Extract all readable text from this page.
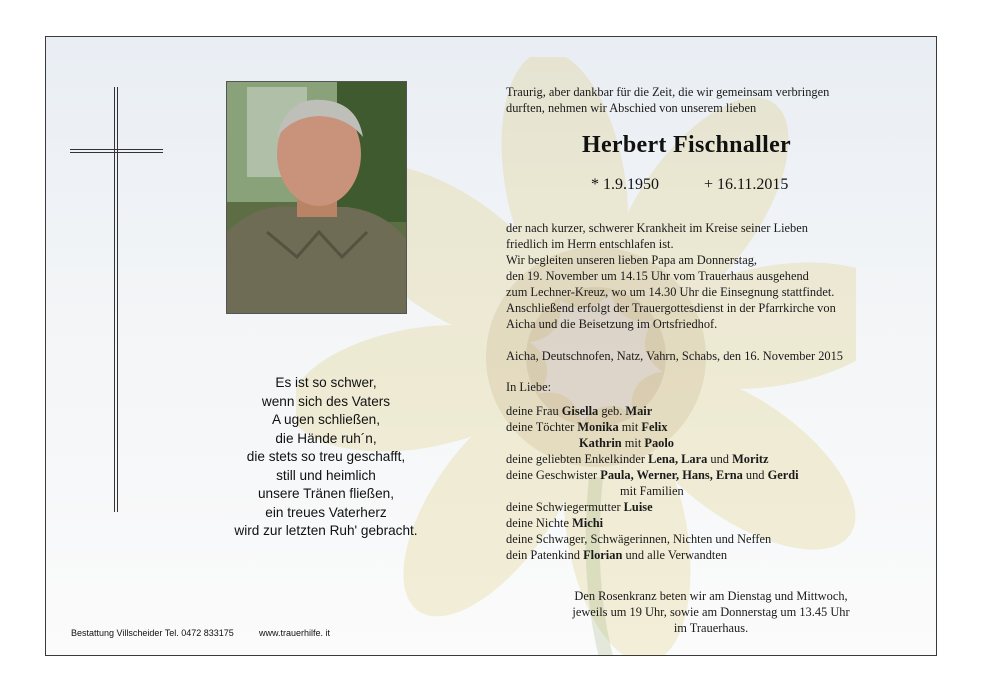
Es ist so schwer,
wenn sich des Vaters
A ugen schließen,
die Hände ruh´n,
die stets so treu geschafft,
still und heimlich
unsere Tränen fließen,
ein treues Vaterherz
wird zur letzten Ruh' gebracht.
Bestattung Villscheider Tel. 0472 833175	www.trauerhilfe. it
Traurig, aber dankbar für die Zeit, die wir gemeinsam verbringen
durften, nehmen wir Abschied von unserem lieben
Herbert Fischnaller
* 1.9.1950	+ 16.11.2015
der nach kurzer, schwerer Krankheit im Kreise seiner Lieben
friedlich im Herrn entschlafen ist.
Wir begleiten unseren lieben Papa am Donnerstag,
den 19. November um 14.15 Uhr vom Trauerhaus ausgehend
zum Lechner-Kreuz, wo um 14.30 Uhr die Einsegnung stattfindet.
Anschließend erfolgt der Trauergottesdienst in der Pfarrkirche von
Aicha und die Beisetzung im Ortsfriedhof.
Aicha, Deutschnofen, Natz, Vahrn, Schabs, den 16. November 2015
In Liebe:
deine Frau Gisella geb. Mair
deine Töchter Monika mit Felix
Kathrin mit Paolo
deine geliebten Enkelkinder Lena, Lara und Moritz
deine Geschwister Paula, Werner, Hans, Erna und Gerdi
mit Familien
deine Schwiegermutter Luise
deine Nichte Michi
deine Schwager, Schwägerinnen, Nichten und Neffen
dein Patenkind Florian und alle Verwandten
Den Rosenkranz beten wir am Dienstag und Mittwoch,
jeweils um 19 Uhr, sowie am Donnerstag um 13.45 Uhr
im Trauerhaus.
